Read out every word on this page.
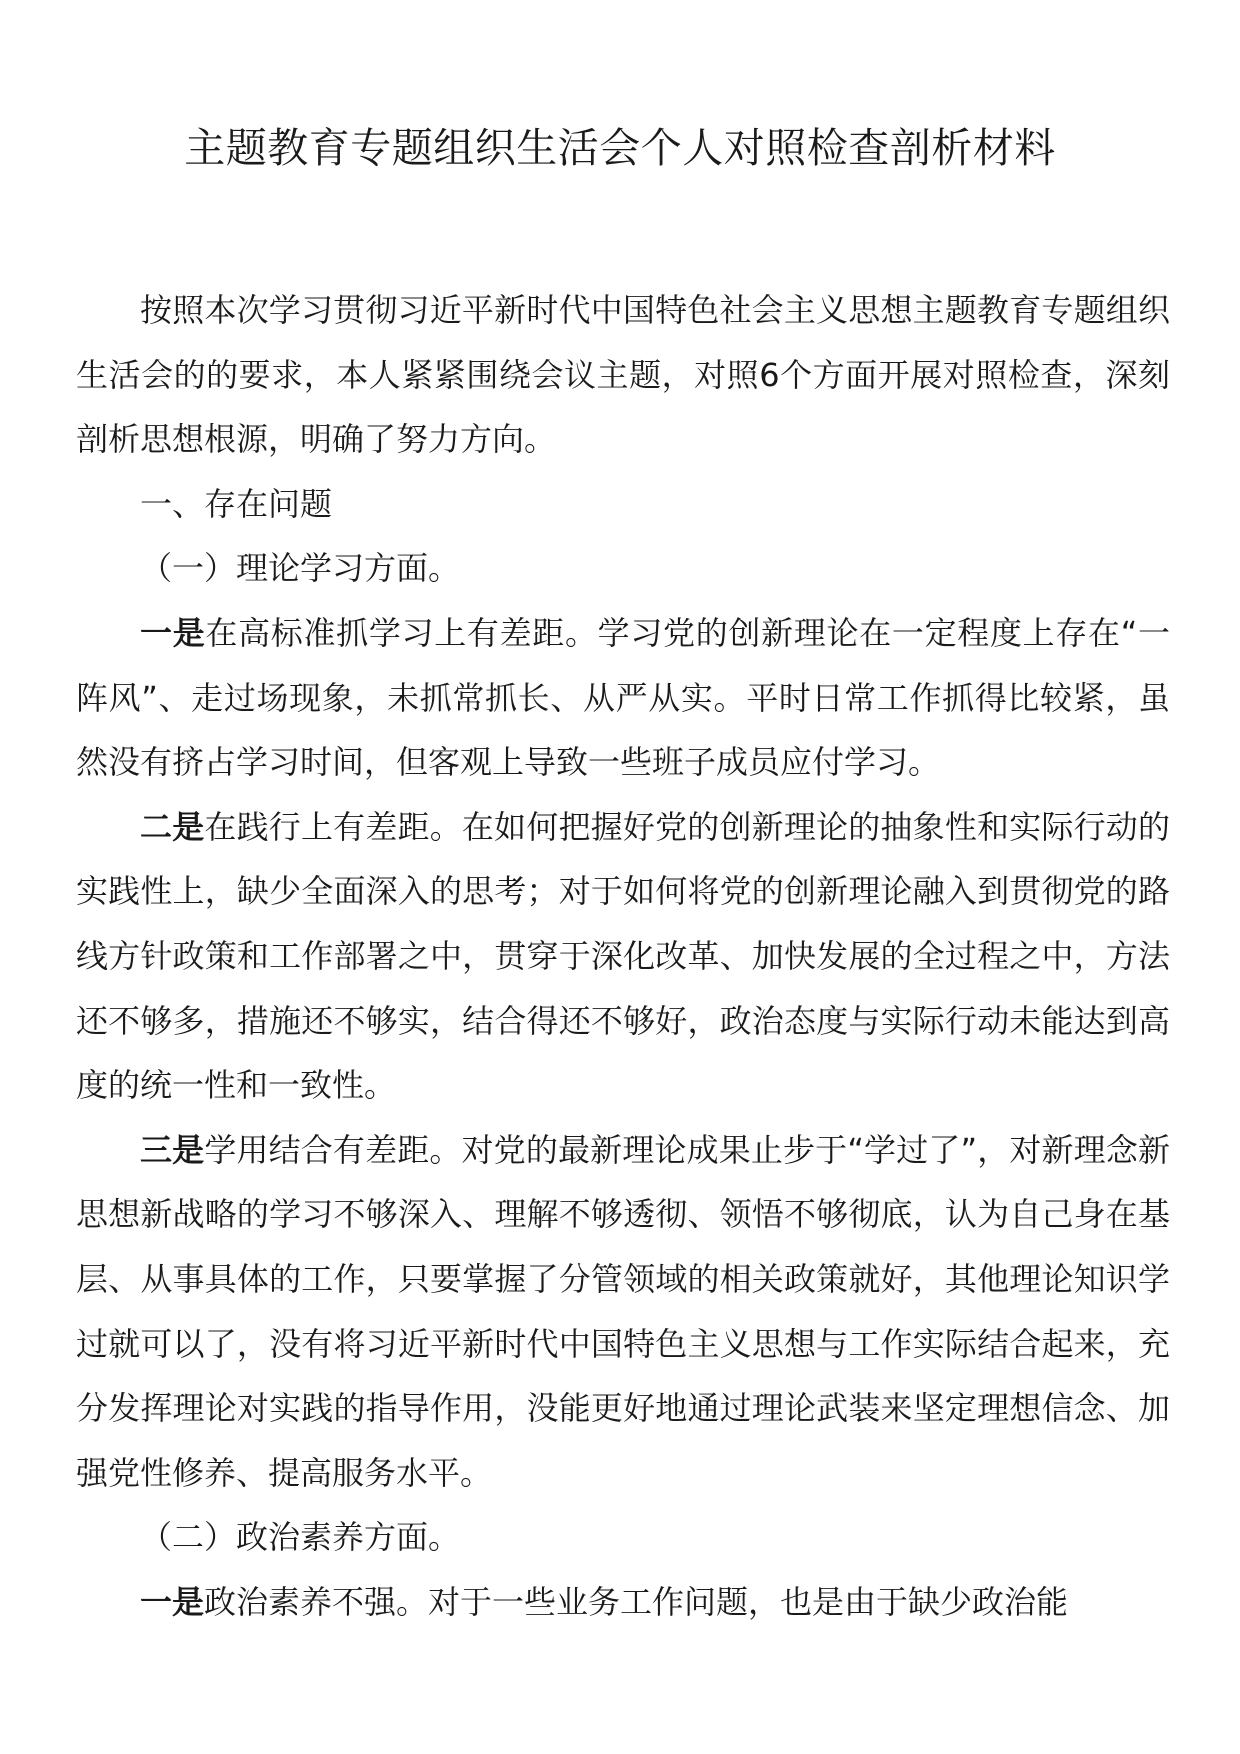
主题教育专题组织生活会个人对照检查剖析材料

按照本次学习贯彻习近平新时代中国特色社会主义思想主题教育专题组织生活会的的要求，本人紧紧围绕会议主题，对照6个方面开展对照检查，深刻剖析思想根源，明确了努力方向。

一、存在问题

（一）理论学习方面。

一是在高标准抓学习上有差距。学习党的创新理论在一定程度上存在“一阵风”、走过场现象，未抓常抓长、从严从实。平时日常工作抓得比较紧，虽然没有挤占学习时间，但客观上导致一些班子成员应付学习。

二是在践行上有差距。在如何把握好党的创新理论的抽象性和实际行动的实践性上，缺少全面深入的思考；对于如何将党的创新理论融入到贯彻党的路线方针政策和工作部署之中，贯穿于深化改革、加快发展的全过程之中，方法还不够多，措施还不够实，结合得还不够好，政治态度与实际行动未能达到高度的统一性和一致性。

三是学用结合有差距。对党的最新理论成果止步于“学过了”，对新理念新思想新战略的学习不够深入、理解不够透彻、领悟不够彻底，认为自己身在基层、从事具体的工作，只要掌握了分管领域的相关政策就好，其他理论知识学过就可以了，没有将习近平新时代中国特色主义思想与工作实际结合起来，充分发挥理论对实践的指导作用，没能更好地通过理论武装来坚定理想信念、加强党性修养、提高服务水平。

（二）政治素养方面。

一是政治素养不强。对于一些业务工作问题，也是由于缺少政治能
